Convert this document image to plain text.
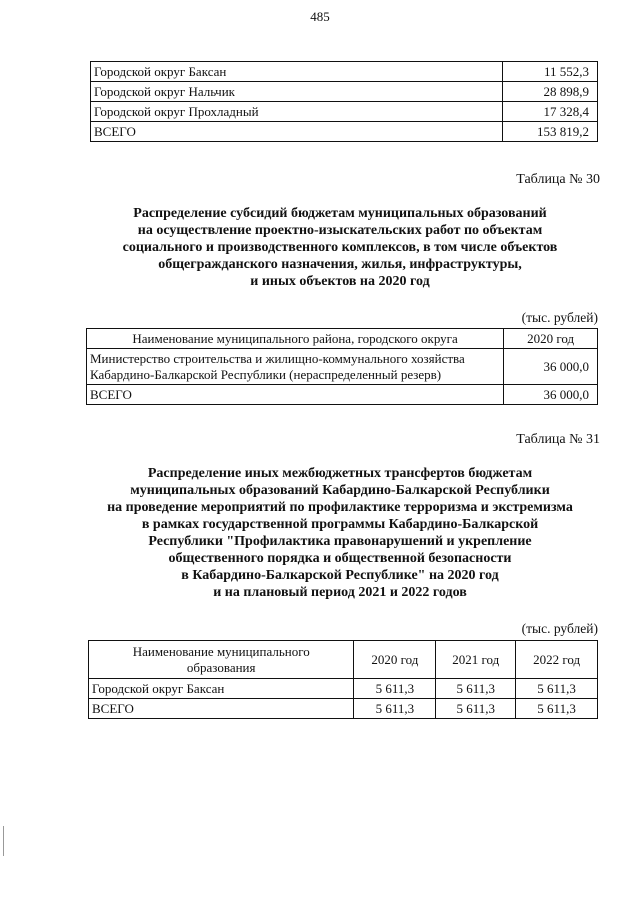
485
Городской округ Баксан	11 552,3
Городской округ Нальчик	28 898,9
Городской округ Прохладный	17 328,4
ВСЕГО	153 819,2
Таблица № 30
Распределение субсидий бюджетам муниципальных образований
на осуществление проектно-изыскательских работ по объектам
социального и производственного комплексов, в том числе объектов
общегражданского назначения, жилья, инфраструктуры,
и иных объектов на 2020 год
(тыс. рублей)
Наименование муниципального района, городского округа	2020 год

Министерство строительства и жилищно-коммунального хозяйства
Кабардино-Балкарской Республики (нераспределенный резерв)	36 000,0
ВСЕГО	36 000,0
Таблица № 31
Распределение иных межбюджетных трансфертов бюджетам
муниципальных образований Кабардино-Балкарской Республики
на проведение мероприятий по профилактике терроризма и экстремизма
в рамках государственной программы Кабардино-Балкарской
Республики "Профилактика правонарушений и укрепление
общественного порядка и общественной безопасности
в Кабардино-Балкарской Республике" на 2020 год
и на плановый период 2021 и 2022 годов
(тыс. рублей)
Наименование муниципального
образования	2020 год	2021 год	2022 год
Городской округ Баксан	5 611,3	5 611,3	5 611,3
ВСЕГО	5 611,3	5 611,3	5 611,3
